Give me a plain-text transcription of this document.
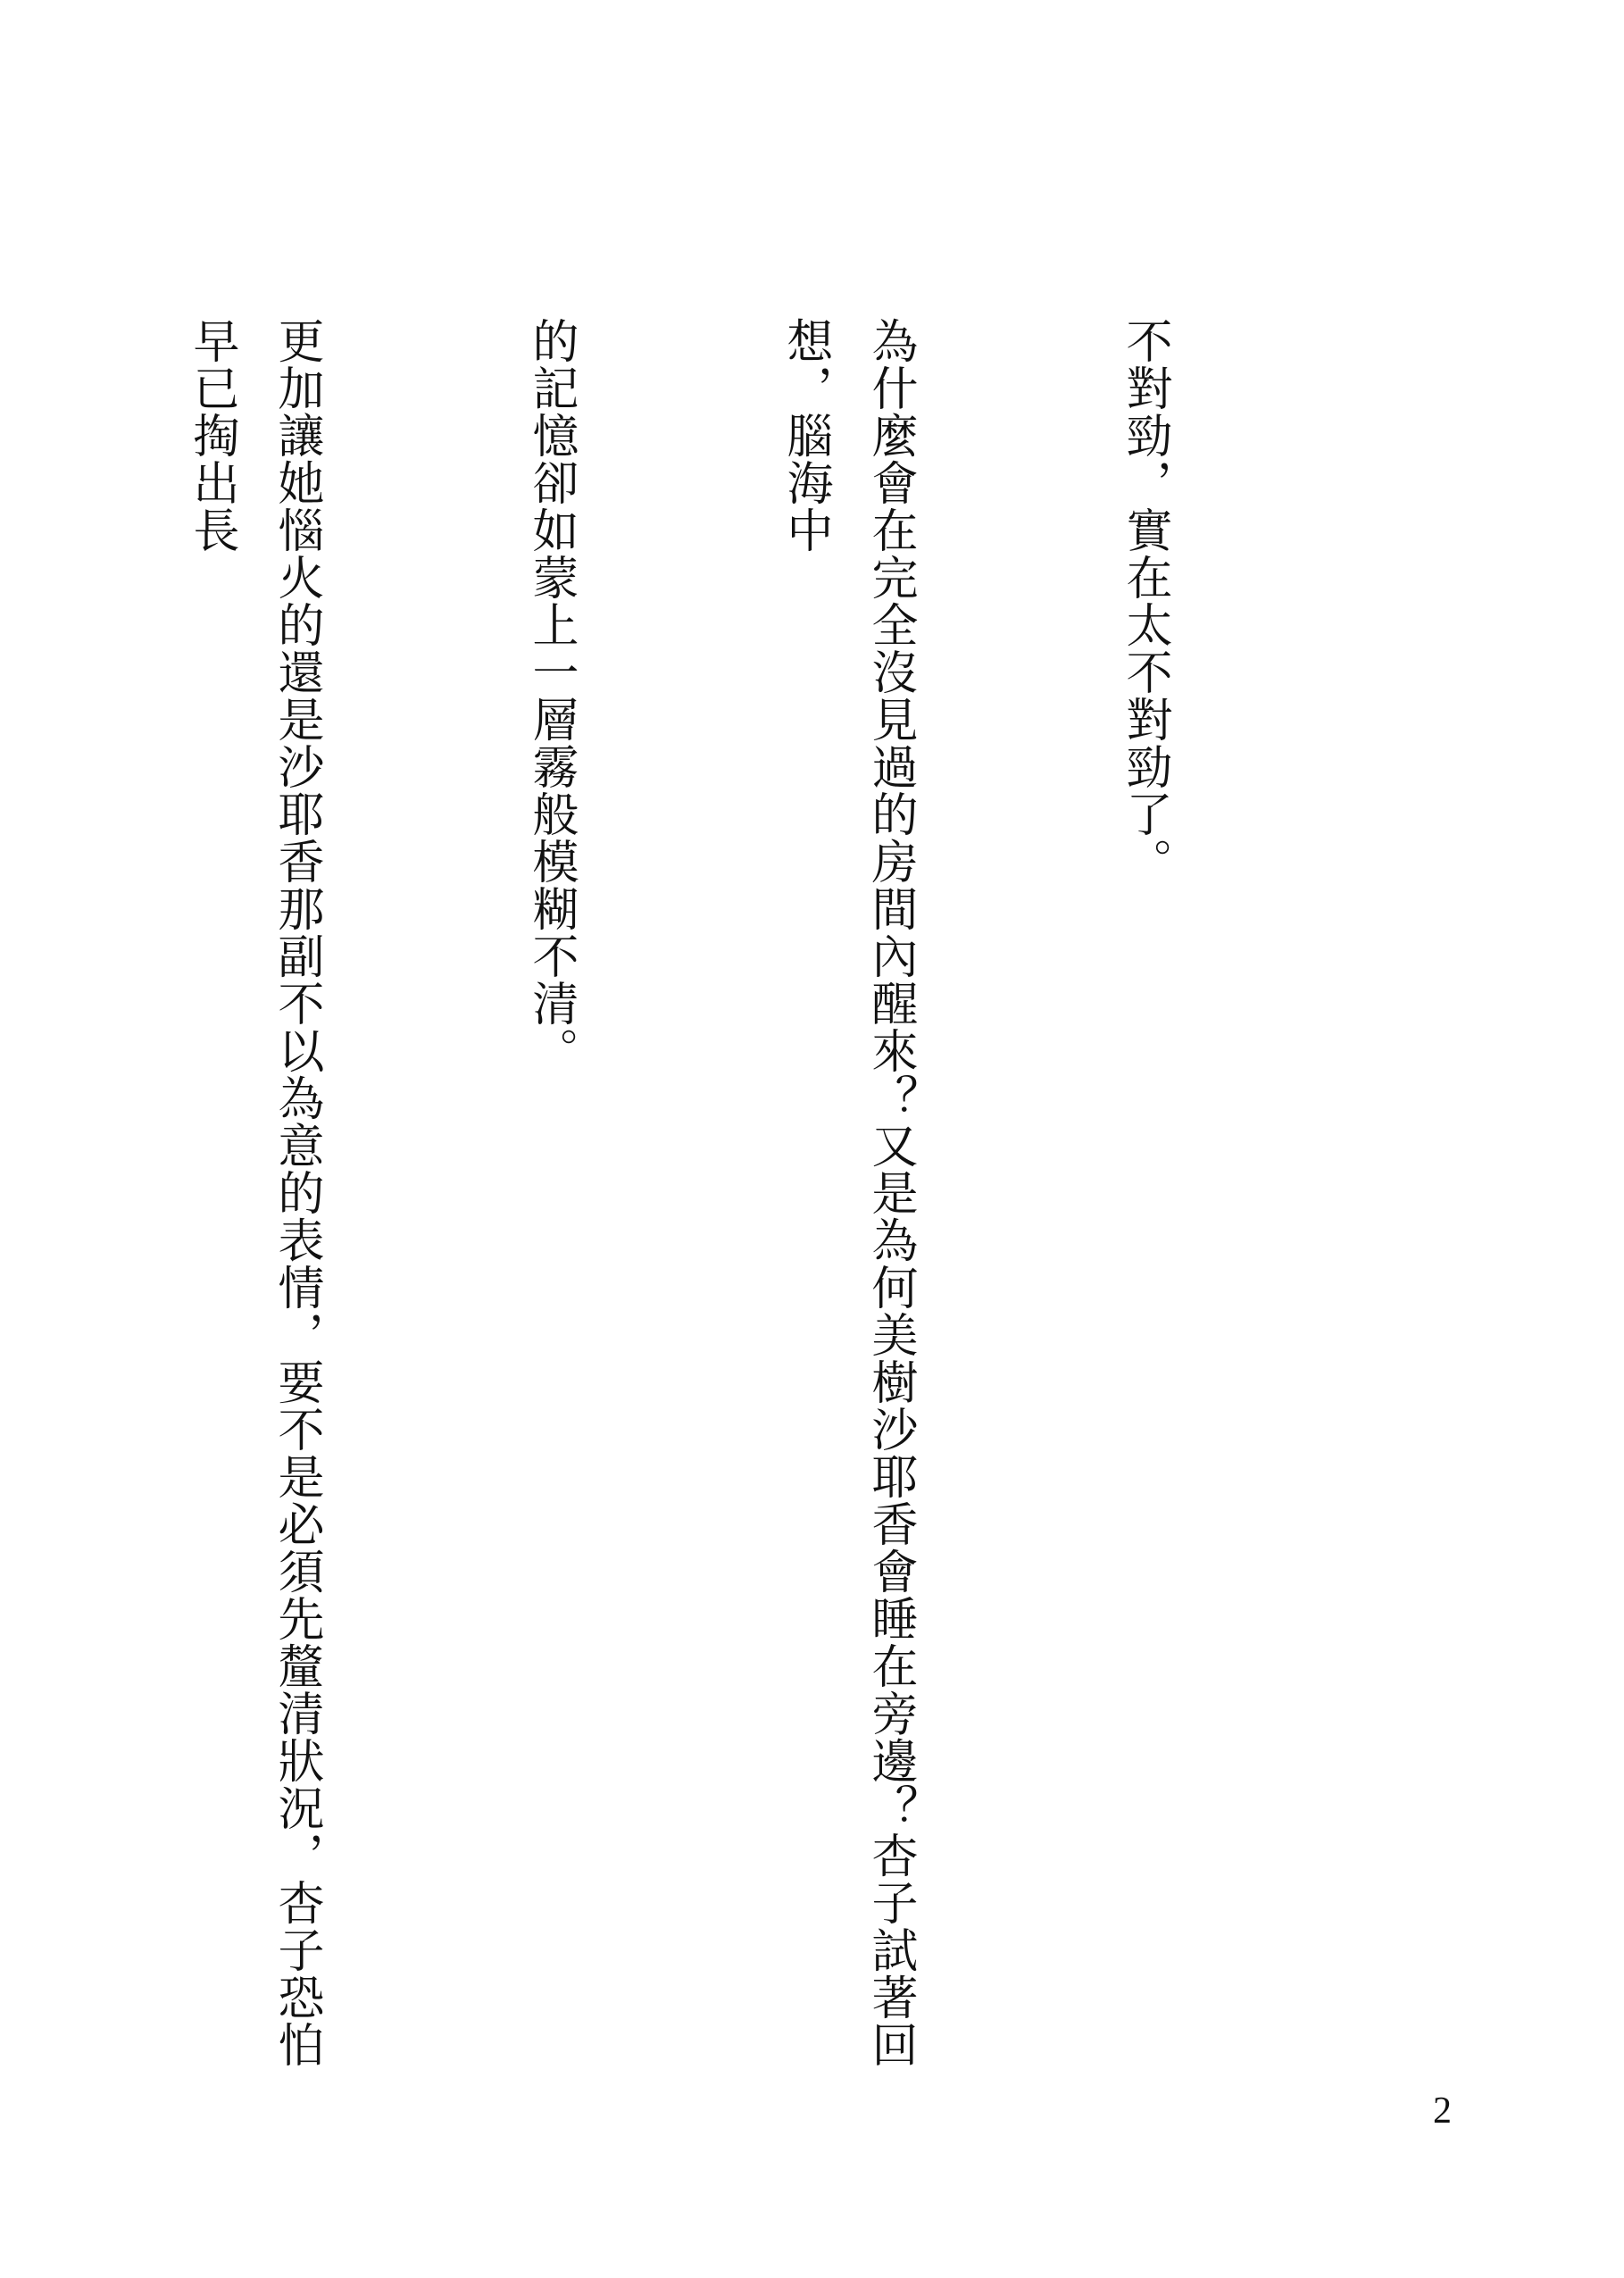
不對勁，實在太不對勁了。

為什麼會在完全沒見過的房間內醒來？又是為何美樹沙耶香會睡在旁邊？杏子試著回想，腦海中

的記憶卻如蒙上一層霧般模糊不清。

更加讓她惱火的還是沙耶香那副不以為意的表情，要不是必須先釐清狀況，杏子恐怕早已掏出長

2
